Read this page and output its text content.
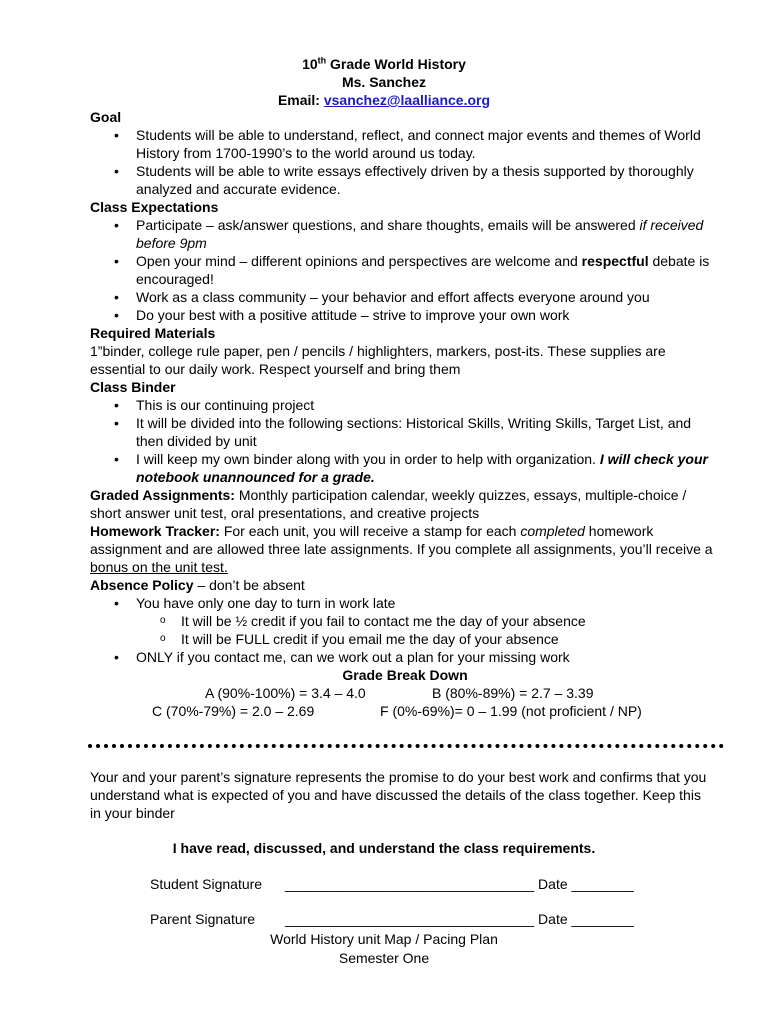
10th Grade World History
Ms. Sanchez
Email: vsanchez@laalliance.org

Goal

• Students will be able to understand, reflect, and connect major events and themes of World History from 1700-1990’s to the world around us today.
• Students will be able to write essays effectively driven by a thesis supported by thoroughly analyzed and accurate evidence.

Class Expectations

• Participate – ask/answer questions, and share thoughts, emails will be answered if received before 9pm
• Open your mind – different opinions and perspectives are welcome and respectful debate is encouraged!
• Work as a class community – your behavior and effort affects everyone around you
• Do your best with a positive attitude – strive to improve your own work

Required Materials

1”binder, college rule paper, pen / pencils / highlighters, markers, post-its. These supplies are essential to our daily work. Respect yourself and bring them

Class Binder

• This is our continuing project
• It will be divided into the following sections: Historical Skills, Writing Skills, Target List, and then divided by unit
• I will keep my own binder along with you in order to help with organization. I will check your notebook unannounced for a grade.

Graded Assignments: Monthly participation calendar, weekly quizzes, essays, multiple-choice / short answer unit test, oral presentations, and creative projects

Homework Tracker: For each unit, you will receive a stamp for each completed homework assignment and are allowed three late assignments. If you complete all assignments, you’ll receive a bonus on the unit test.

Absence Policy – don’t be absent

• You have only one day to turn in work late
o It will be ½ credit if you fail to contact me the day of your absence
o It will be FULL credit if you email me the day of your absence
• ONLY if you contact me, can we work out a plan for your missing work
Grade Break Down
A (90%-100%) = 3.4 – 4.0	B (80%-89%) = 2.7 – 3.39
C (70%-79%) = 2.0 – 2.69	F (0%-69%)= 0 – 1.99 (not proficient / NP)

Your and your parent’s signature represents the promise to do your best work and confirms that you understand what is expected of you and have discussed the details of the class together. Keep this in your binder

I have read, discussed, and understand the class requirements.
Student Signature ________________________________ Date ________
Parent Signature ________________________________ Date ________
World History unit Map / Pacing Plan
Semester One
